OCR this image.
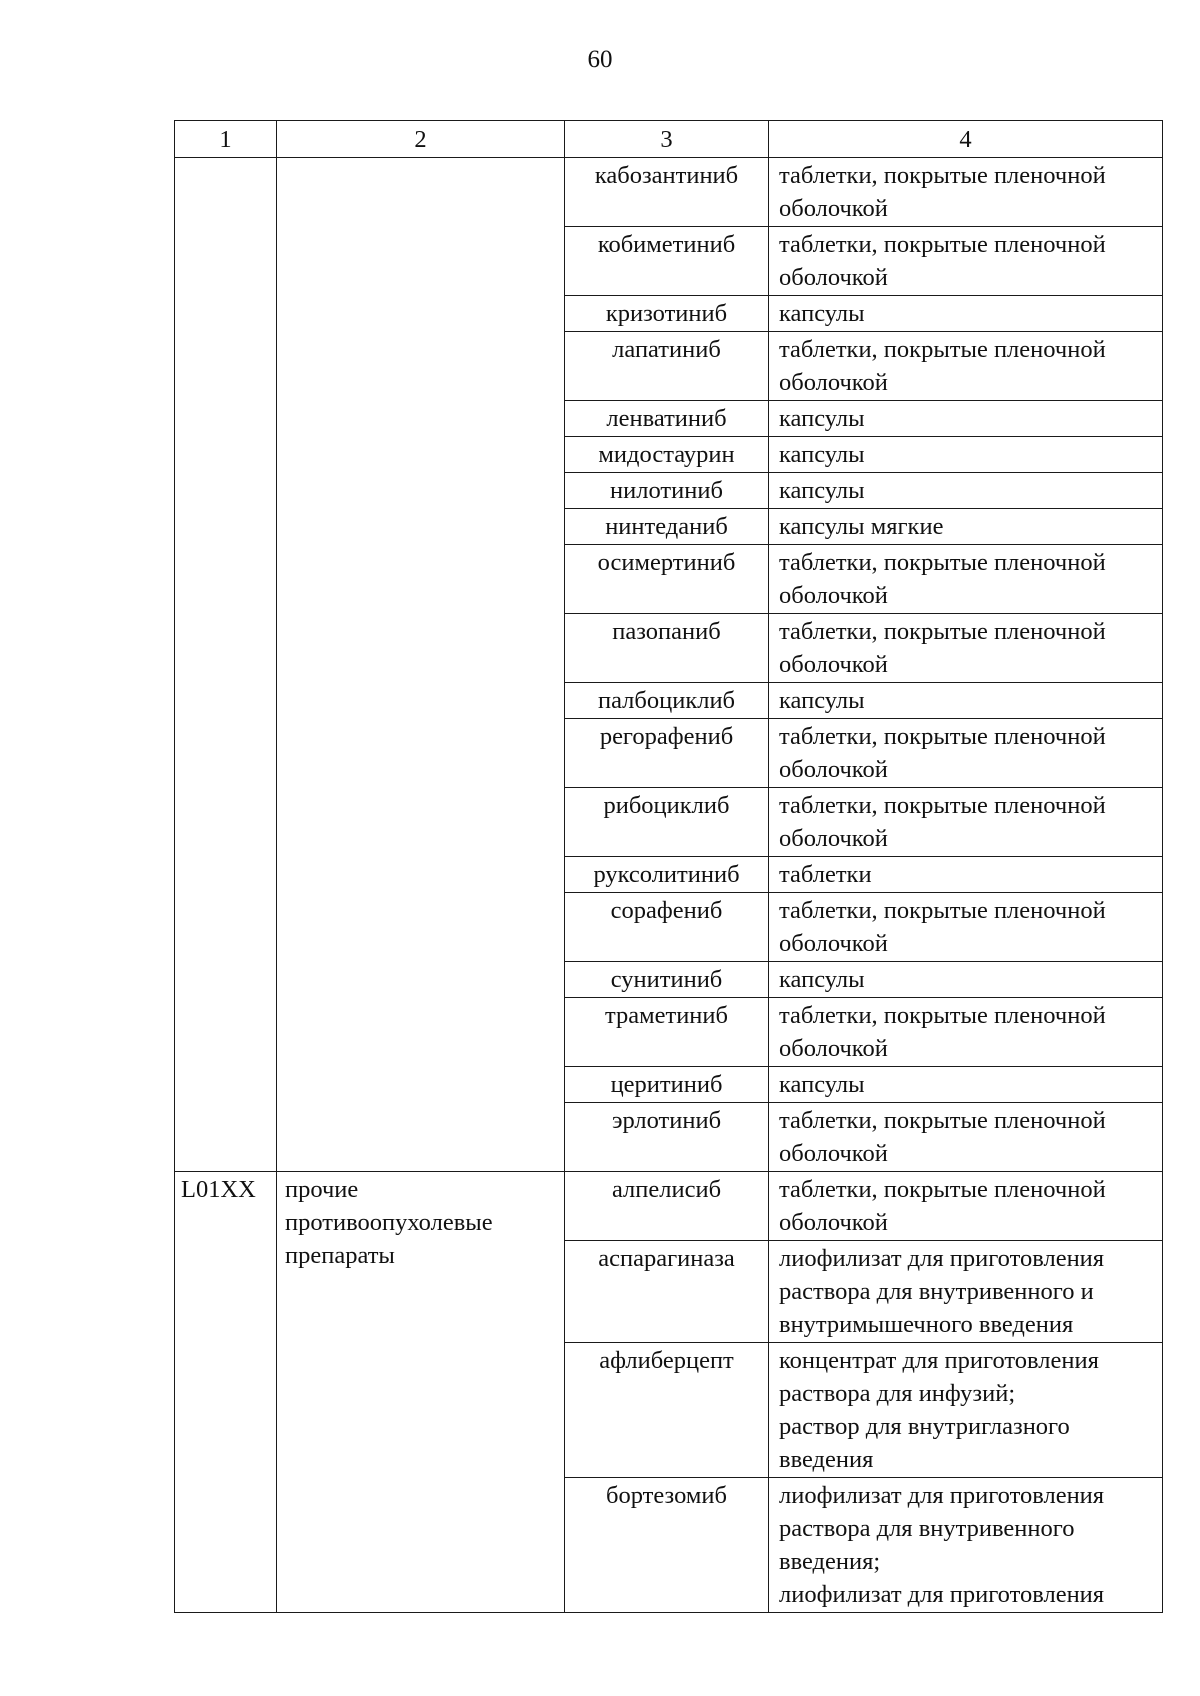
60
1	2	3	4
		кабозантиниб	таблетки, покрытые пленочной
оболочкой

		кобиметиниб	таблетки, покрытые пленочной
оболочкой

		кризотиниб	капсулы

		лапатиниб	таблетки, покрытые пленочной
оболочкой

		ленватиниб	капсулы

		мидостаурин	капсулы

		нилотиниб	капсулы

		нинтеданиб	капсулы мягкие

		осимертиниб	таблетки, покрытые пленочной
оболочкой

		пазопаниб	таблетки, покрытые пленочной
оболочкой

		палбоциклиб	капсулы

		регорафениб	таблетки, покрытые пленочной
оболочкой

		рибоциклиб	таблетки, покрытые пленочной
оболочкой

		руксолитиниб	таблетки

		сорафениб	таблетки, покрытые пленочной
оболочкой

		сунитиниб	капсулы

		траметиниб	таблетки, покрытые пленочной
оболочкой

		церитиниб	капсулы

		эрлотиниб	таблетки, покрытые пленочной
оболочкой

L01XX	прочие
противоопухолевые
препараты	алпелисиб	таблетки, покрытые пленочной
оболочкой

		аспарагиназа	лиофилизат для приготовления
раствора для внутривенного и
внутримышечного введения

		афлиберцепт	концентрат для приготовления
раствора для инфузий;
раствор для внутриглазного
введения

		бортезомиб	лиофилизат для приготовления
раствора для внутривенного
введения;
лиофилизат для приготовления
